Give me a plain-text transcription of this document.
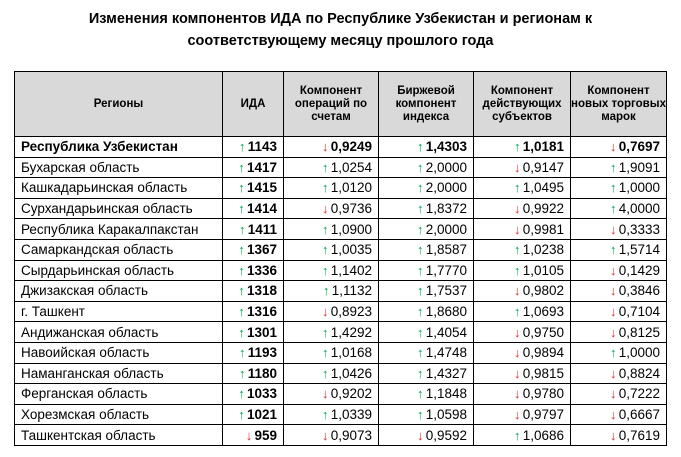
Изменения компонентов ИДА по Республике Узбекистан и регионам к
соответствующему месяцу прошлого года
Регионы	ИДА	Компонент операций по счетам	Биржевой компонент индекса	Компонент действующих субъектов	Компонент новых торговых марок
Республика Узбекистан	↑ 1143	↓ 0,9249	↑ 1,4303	↑ 1,0181	↓ 0,7697
Бухарская область	↑ 1417	↑ 1,0254	↑ 2,0000	↓ 0,9147	↑ 1,9091
Кашкадарьинская область	↑ 1415	↑ 1,0120	↑ 2,0000	↑ 1,0495	↑ 1,0000
Сурхандарьинская область	↑ 1414	↓ 0,9736	↑ 1,8372	↓ 0,9922	↑ 4,0000
Республика Каракалпакстан	↑ 1411	↑ 1,0900	↑ 2,0000	↓ 0,9981	↓ 0,3333
Самаркандская область	↑ 1367	↑ 1,0035	↑ 1,8587	↑ 1,0238	↑ 1,5714
Сырдарьинская область	↑ 1336	↑ 1,1402	↑ 1,7770	↑ 1,0105	↓ 0,1429
Джизакская область	↑ 1318	↑ 1,1132	↑ 1,7537	↓ 0,9802	↓ 0,3846
г. Ташкент	↑ 1316	↓ 0,8923	↑ 1,8680	↑ 1,0693	↓ 0,7104
Андижанская область	↑ 1301	↑ 1,4292	↑ 1,4054	↓ 0,9750	↓ 0,8125
Навоийская область	↑ 1193	↑ 1,0168	↑ 1,4748	↓ 0,9894	↑ 1,0000
Наманганская область	↑ 1180	↑ 1,0426	↑ 1,4327	↓ 0,9815	↓ 0,8824
Ферганская область	↑ 1033	↓ 0,9202	↑ 1,1848	↓ 0,9780	↓ 0,7222
Хорезмская область	↑ 1021	↑ 1,0339	↑ 1,0598	↓ 0,9797	↓ 0,6667
Ташкентская область	↓ 959	↓ 0,9073	↓ 0,9592	↑ 1,0686	↓ 0,7619
